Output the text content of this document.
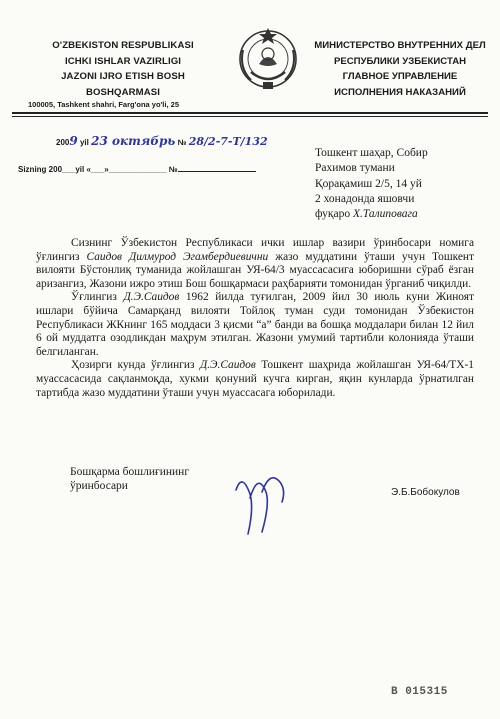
O'ZBEKISTON RESPUBLIKASI
ICHKI ISHLAR VAZIRLIGI
JAZONI IJRO ETISH BOSH
BOSHQARMASI
МИНИСТЕРСТВО ВНУТРЕННИХ ДЕЛ
РЕСПУБЛИКИ УЗБЕКИСТАН
ГЛАВНОЕ УПРАВЛЕНИЕ
ИСПОЛНЕНИЯ НАКАЗАНИЙ
100005, Tashkent shahri, Farg'ona yo'li, 25
2009 yil 23 октябрь № 28/2-7-Т/132
Sizning 200___yil «___»_____________ №
Тошкент шаҳар, Собир
Рахимов тумани
Қорақамиш 2/5, 14 уй
2 хонадонда яшовчи
фуқаро Х.Талиповага

Сизнинг Ўзбекистон Республикаси ички ишлар вазири ўринбосари номига ўғлингиз Саидов Дилмурод Эгамбердиевични жазо муддатини ўташи учун Тошкент вилояти Бўстонлиқ туманида жойлашган УЯ-64/3 муассасасига юборишни сўраб ёзган аризангиз, Жазони ижро этиш Бош бошқармаси раҳбарияти томонидан ўрганиб чиқилди.

Ўғлингиз Д.Э.Саидов 1962 йилда туғилган, 2009 йил 30 июль куни Жиноят ишлари бўйича Самарқанд вилояти Тойлоқ туман суди томонидан Ўзбекистон Республикаси ЖКнинг 165 моддаси 3 қисми “а” банди ва бошқа моддалари билан 12 йил 6 ой муддатга озодликдан маҳрум этилган. Жазони умумий тартибли колонияда ўташи белгиланган.

Ҳозирги кунда ўғлингиз Д.Э.Саидов Тошкент шаҳрида жойлашган УЯ-64/ТХ-1 муассасасида сақланмоқда, хукми қонуний кучга кирган, яқин кунларда ўрнатилган тартибда жазо муддатини ўташи учун муассасага юборилади.

Бошқарма бошлиғининг
ўринбосари
Э.Б.Бобокулов
В 015315
